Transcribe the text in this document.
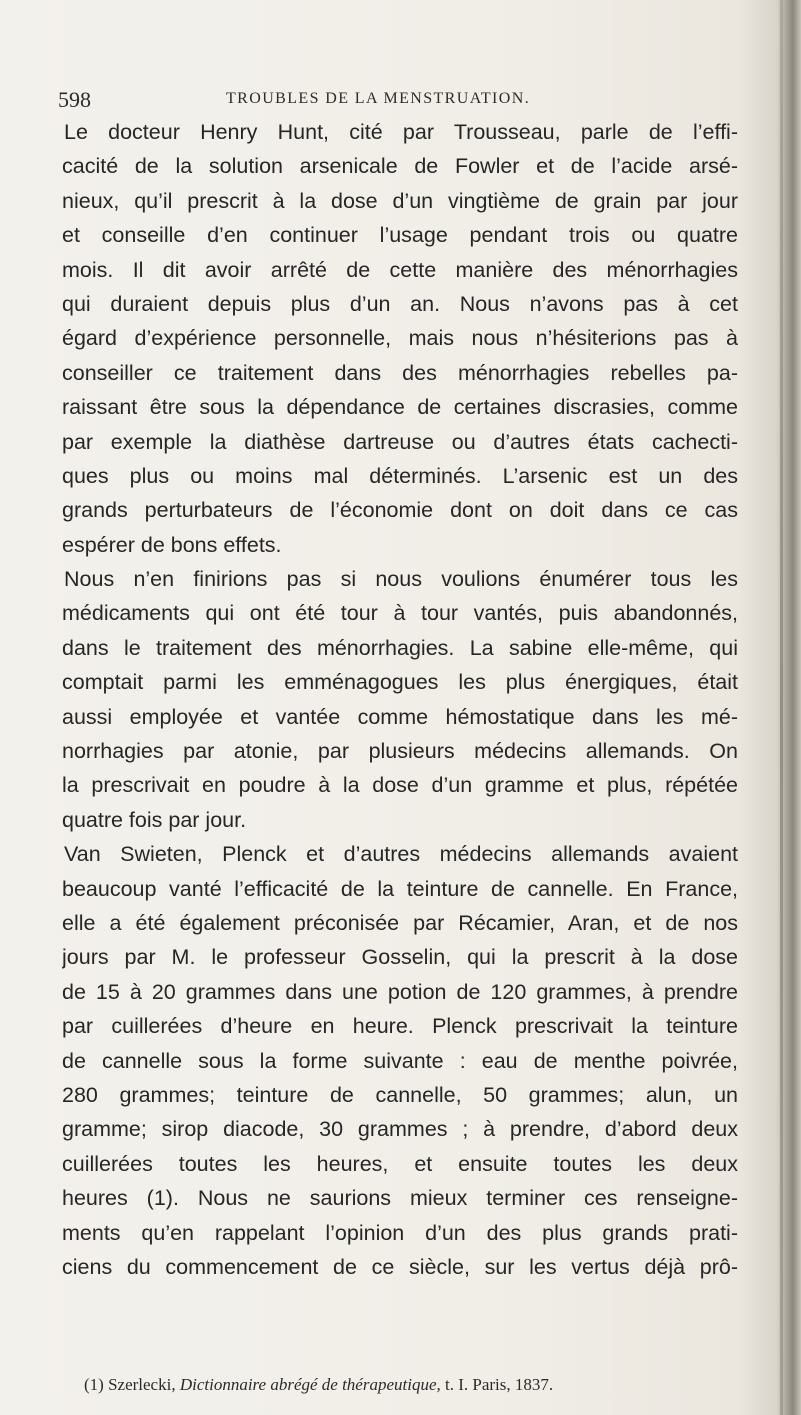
598	TROUBLES DE LA MENSTRUATION.
Le docteur Henry Hunt, cité par Trousseau, parle de l’effi-
cacité de la solution arsenicale de Fowler et de l’acide arsé-
nieux, qu’il prescrit à la dose d’un vingtième de grain par jour
et conseille d’en continuer l’usage pendant trois ou quatre
mois. Il dit avoir arrêté de cette manière des ménorrhagies
qui duraient depuis plus d’un an. Nous n’avons pas à cet
égard d’expérience personnelle, mais nous n’hésiterions pas à
conseiller ce traitement dans des ménorrhagies rebelles pa-
raissant être sous la dépendance de certaines discrasies, comme
par exemple la diathèse dartreuse ou d’autres états cachecti-
ques plus ou moins mal déterminés. L’arsenic est un des
grands perturbateurs de l’économie dont on doit dans ce cas
espérer de bons effets.
Nous n’en finirions pas si nous voulions énumérer tous les
médicaments qui ont été tour à tour vantés, puis abandonnés,
dans le traitement des ménorrhagies. La sabine elle-même, qui
comptait parmi les emménagogues les plus énergiques, était
aussi employée et vantée comme hémostatique dans les mé-
norrhagies par atonie, par plusieurs médecins allemands. On
la prescrivait en poudre à la dose d’un gramme et plus, répétée
quatre fois par jour.
Van Swieten, Plenck et d’autres médecins allemands avaient
beaucoup vanté l’efficacité de la teinture de cannelle. En France,
elle a été également préconisée par Récamier, Aran, et de nos
jours par M. le professeur Gosselin, qui la prescrit à la dose
de 15 à 20 grammes dans une potion de 120 grammes, à prendre
par cuillerées d’heure en heure. Plenck prescrivait la teinture
de cannelle sous la forme suivante : eau de menthe poivrée,
280 grammes; teinture de cannelle, 50 grammes; alun, un
gramme; sirop diacode, 30 grammes ; à prendre, d’abord deux
cuillerées toutes les heures, et ensuite toutes les deux
heures (1). Nous ne saurions mieux terminer ces renseigne-
ments qu’en rappelant l’opinion d’un des plus grands prati-
ciens du commencement de ce siècle, sur les vertus déjà prô-
(1) Szerlecki, Dictionnaire abrégé de thérapeutique, t. I. Paris, 1837.
